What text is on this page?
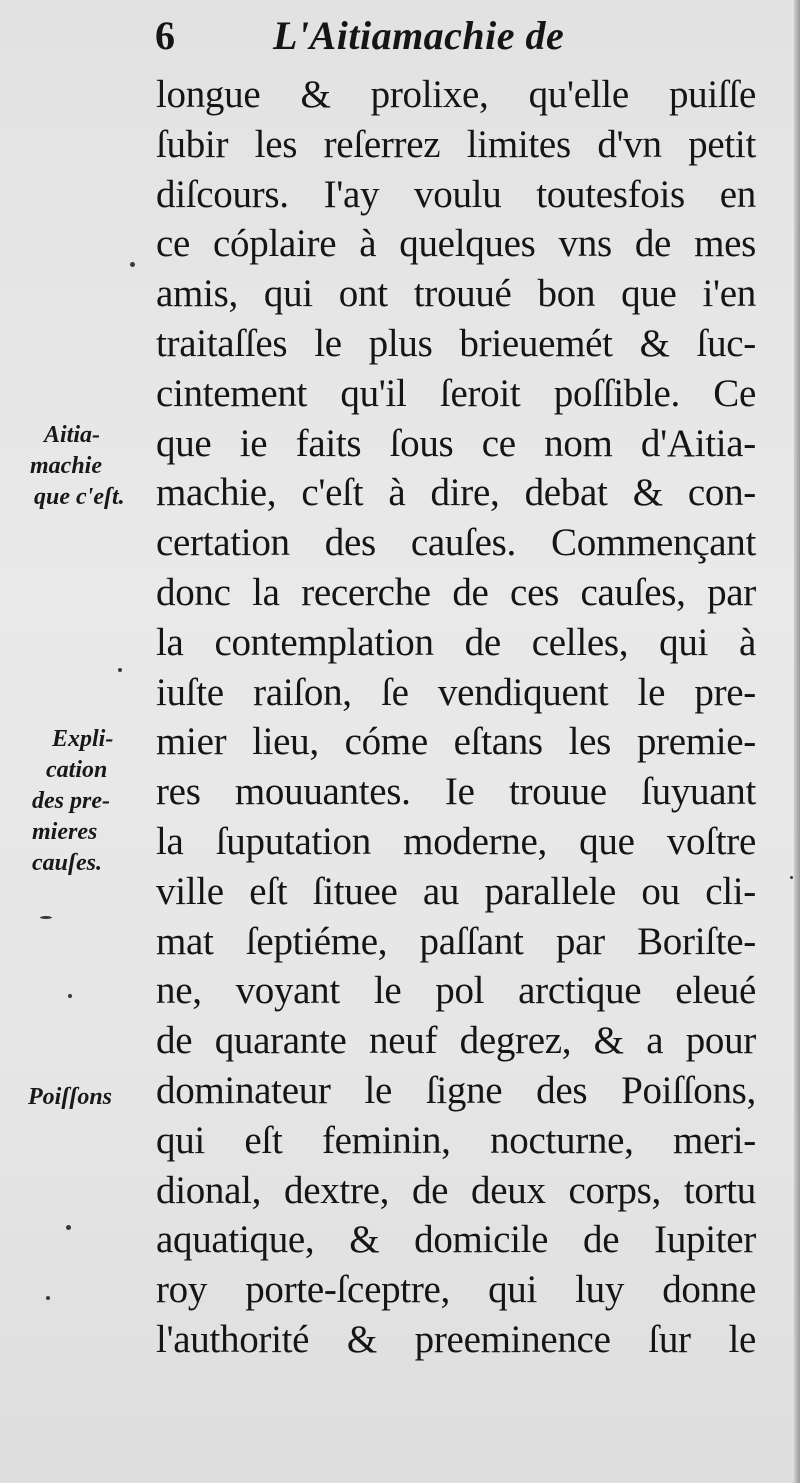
6 L'Aitiamachie de
longue & prolixe, qu'elle puiſſe
ſubir les reſerrez limites d'vn petit
diſcours. I'ay voulu toutesfois en
ce cóplaire à quelques vns de mes
amis, qui ont trouué bon que i'en
traitaſſes le plus brieuemét & ſuc-
cintement qu'il ſeroit poſſible. Ce
que ie faits ſous ce nom d'Aitia-
machie, c'eſt à dire, debat & con-
certation des cauſes. Commençant
donc la recerche de ces cauſes, par
la contemplation de celles, qui à
iuſte raiſon, ſe vendiquent le pre-
mier lieu, cóme eſtans les premie-
res mouuantes. Ie trouue ſuyuant
la ſuputation moderne, que voſtre
ville eſt ſituee au parallele ou cli-
mat ſeptiéme, paſſant par Boriſte-
ne, voyant le pol arctique eleué
de quarante neuf degrez, & a pour
dominateur le ſigne des Poiſſons,
qui eſt feminin, nocturne, meri-
dional, dextre, de deux corps, tortu
aquatique, & domicile de Iupiter
roy porte-ſceptre, qui luy donne
l'authorité & preeminence ſur le
Aitia-
machie
que c'eſt.
Expli-
cation
des pre-
mieres
cauſes.
Poiſſons
